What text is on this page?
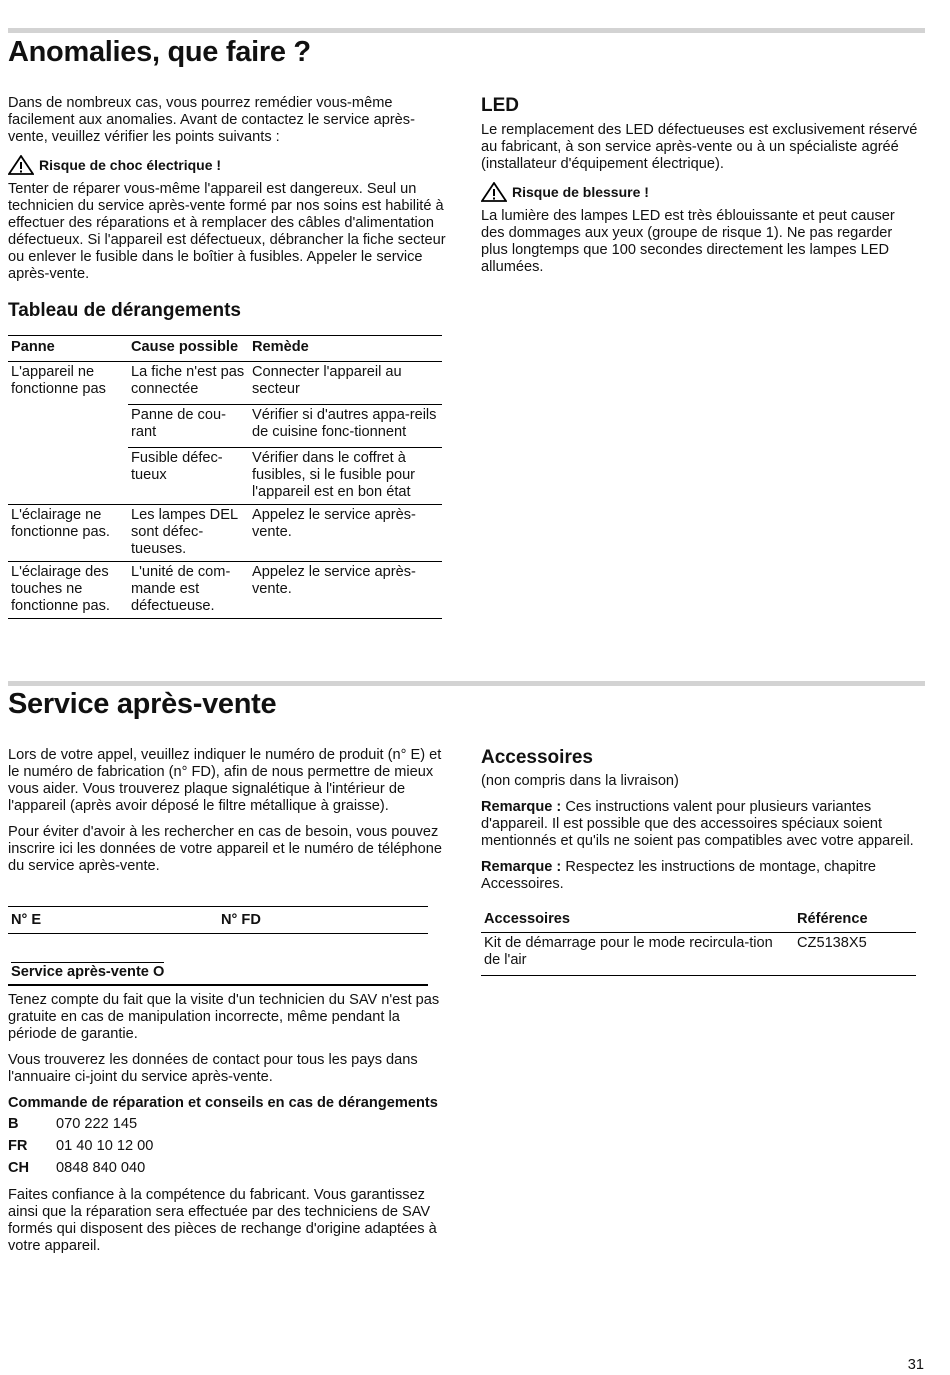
Anomalies, que faire ?

Dans de nombreux cas, vous pourrez remédier vous-même facilement aux anomalies. Avant de contactez le service après-vente, veuillez vérifier les points suivants :

Risque de choc électrique !

Tenter de réparer vous-même l'appareil est dangereux. Seul un technicien du service après-vente formé par nos soins est habilité à effectuer des réparations et à remplacer des câbles d'alimentation défectueux. Si l'appareil est défectueux, débrancher la fiche secteur ou enlever le fusible dans le boîtier à fusibles. Appeler le service après-vente.

Tableau de dérangements
Panne	Cause possible	Remède
L'appareil ne fonctionne pas	La fiche n'est pas connectée	Connecter l'appareil au secteur
	Panne de cou-rant	Vérifier si d'autres appa-reils de cuisine fonc-tionnent
	Fusible défec-tueux	Vérifier dans le coffret à fusibles, si le fusible pour l'appareil est en bon état
L'éclairage ne fonctionne pas.	Les lampes DEL sont défec-tueuses.	Appelez le service après-vente.
L'éclairage des touches ne fonctionne pas.	L'unité de com-mande est défectueuse.	Appelez le service après-vente.
LED

Le remplacement des LED défectueuses est exclusivement réservé au fabricant, à son service après-vente ou à un spécialiste agréé (installateur d'équipement électrique).

Risque de blessure !

La lumière des lampes LED est très éblouissante et peut causer des dommages aux yeux (groupe de risque 1). Ne pas regarder plus longtemps que 100 secondes directement les lampes LED allumées.

Service après-vente

Lors de votre appel, veuillez indiquer le numéro de produit (n° E) et le numéro de fabrication (n° FD), afin de nous permettre de mieux vous aider. Vous trouverez plaque signalétique à l'intérieur de l'appareil (après avoir déposé le filtre métallique à graisse).

Pour éviter d'avoir à les rechercher en cas de besoin, vous pouvez inscrire ici les données de votre appareil et le numéro de téléphone du service après-vente.

N° E	N° FD
Service après-vente O

Tenez compte du fait que la visite d'un technicien du SAV n'est pas gratuite en cas de manipulation incorrecte, même pendant la période de garantie.

Vous trouverez les données de contact pour tous les pays dans l'annuaire ci-joint du service après-vente.

Commande de réparation et conseils en cas de dérangements

B	070 222 145
FR	01 40 10 12 00
CH	0848 840 040

Faites confiance à la compétence du fabricant. Vous garantissez ainsi que la réparation sera effectuée par des techniciens de SAV formés qui disposent des pièces de rechange d'origine adaptées à votre appareil.

Accessoires

(non compris dans la livraison)

Remarque : Ces instructions valent pour plusieurs variantes d'appareil. Il est possible que des accessoires spéciaux soient mentionnés et qu'ils ne soient pas compatibles avec votre appareil.

Remarque : Respectez les instructions de montage, chapitre Accessoires.

Accessoires	Référence
Kit de démarrage pour le mode recircula-tion de l'air	CZ5138X5
31
